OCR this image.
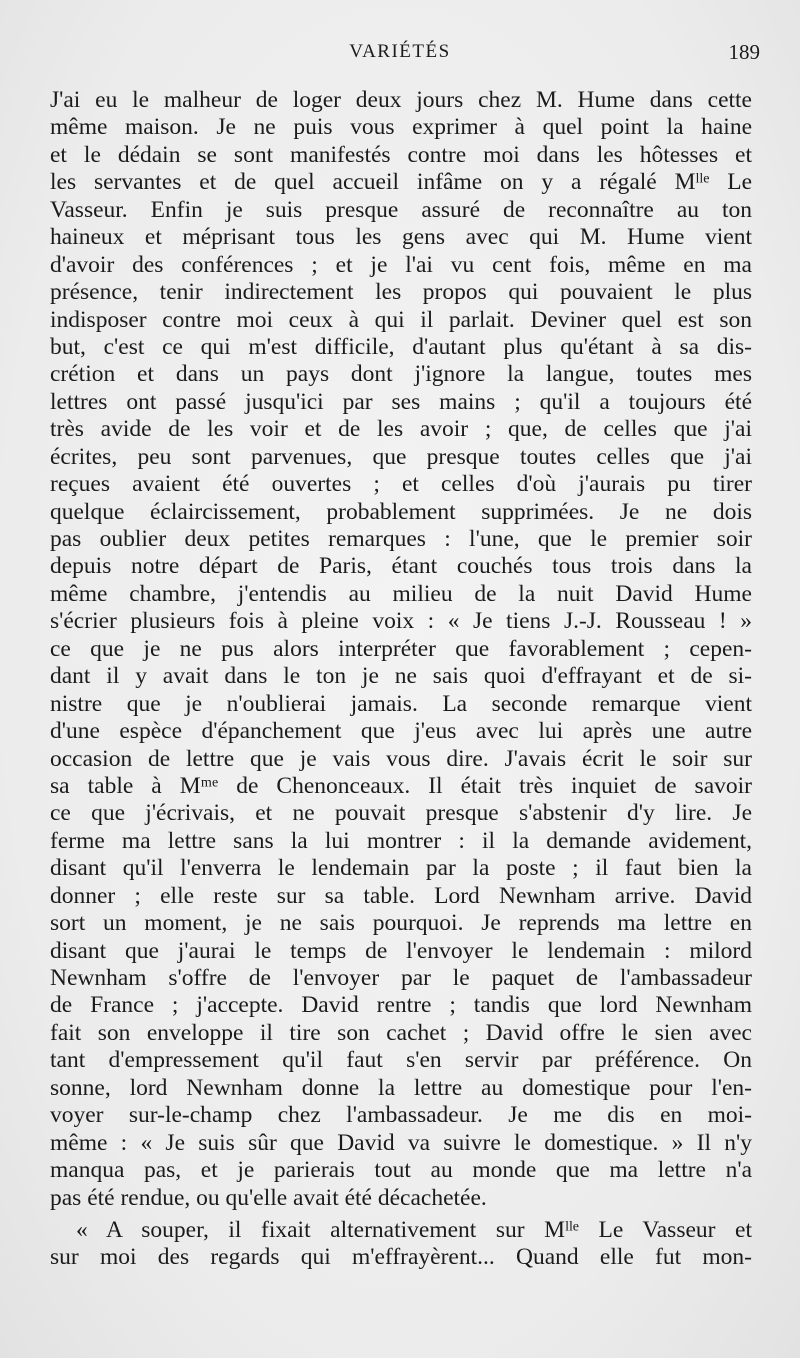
VARIÉTÉS	189
J'ai eu le malheur de loger deux jours chez M. Hume dans cette
même maison. Je ne puis vous exprimer à quel point la haine
et le dédain se sont manifestés contre moi dans les hôtesses et
les servantes et de quel accueil infâme on y a régalé Mˡˡᵉ Le
Vasseur. Enfin je suis presque assuré de reconnaître au ton
haineux et méprisant tous les gens avec qui M. Hume vient
d'avoir des conférences ; et je l'ai vu cent fois, même en ma
présence, tenir indirectement les propos qui pouvaient le plus
indisposer contre moi ceux à qui il parlait. Deviner quel est son
but, c'est ce qui m'est difficile, d'autant plus qu'étant à sa dis-
crétion et dans un pays dont j'ignore la langue, toutes mes
lettres ont passé jusqu'ici par ses mains ; qu'il a toujours été
très avide de les voir et de les avoir ; que, de celles que j'ai
écrites, peu sont parvenues, que presque toutes celles que j'ai
reçues avaient été ouvertes ; et celles d'où j'aurais pu tirer
quelque éclaircissement, probablement supprimées. Je ne dois
pas oublier deux petites remarques : l'une, que le premier soir
depuis notre départ de Paris, étant couchés tous trois dans la
même chambre, j'entendis au milieu de la nuit David Hume
s'écrier plusieurs fois à pleine voix : « Je tiens J.-J. Rousseau ! »
ce que je ne pus alors interpréter que favorablement ; cepen-
dant il y avait dans le ton je ne sais quoi d'effrayant et de si-
nistre que je n'oublierai jamais. La seconde remarque vient
d'une espèce d'épanchement que j'eus avec lui après une autre
occasion de lettre que je vais vous dire. J'avais écrit le soir sur
sa table à Mᵐᵉ de Chenonceaux. Il était très inquiet de savoir
ce que j'écrivais, et ne pouvait presque s'abstenir d'y lire. Je
ferme ma lettre sans la lui montrer : il la demande avidement,
disant qu'il l'enverra le lendemain par la poste ; il faut bien la
donner ; elle reste sur sa table. Lord Newnham arrive. David
sort un moment, je ne sais pourquoi. Je reprends ma lettre en
disant que j'aurai le temps de l'envoyer le lendemain : milord
Newnham s'offre de l'envoyer par le paquet de l'ambassadeur
de France ; j'accepte. David rentre ; tandis que lord Newnham
fait son enveloppe il tire son cachet ; David offre le sien avec
tant d'empressement qu'il faut s'en servir par préférence. On
sonne, lord Newnham donne la lettre au domestique pour l'en-
voyer sur-le-champ chez l'ambassadeur. Je me dis en moi-
même : « Je suis sûr que David va suivre le domestique. » Il n'y
manqua pas, et je parierais tout au monde que ma lettre n'a
pas été rendue, ou qu'elle avait été décachetée.
« A souper, il fixait alternativement sur Mˡˡᵉ Le Vasseur et
sur moi des regards qui m'effrayèrent... Quand elle fut mon-
